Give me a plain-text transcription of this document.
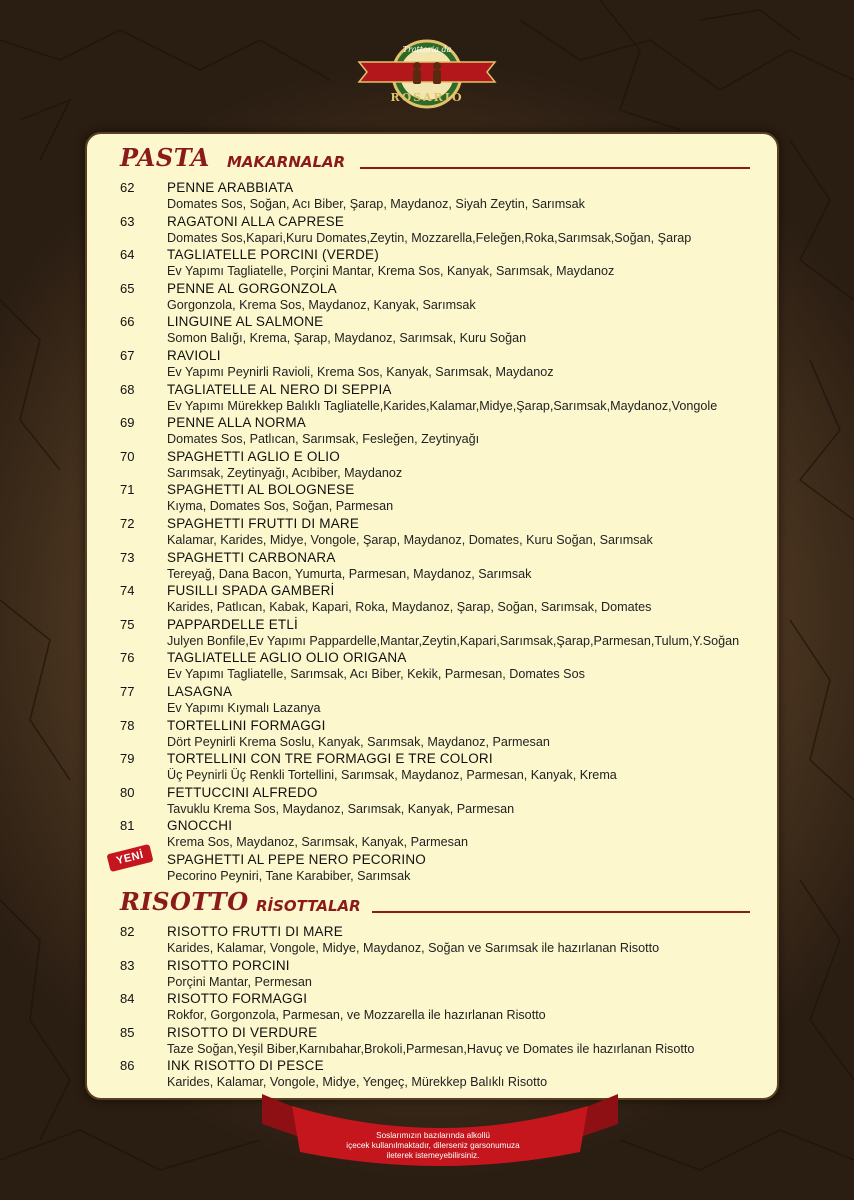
Trattoria da
ROSARIO
PASTA MAKARNALAR
62	PENNE ARABBIATA
Domates Sos, Soğan, Acı Biber, Şarap, Maydanoz, Siyah Zeytin, Sarımsak
63	RAGATONI ALLA CAPRESE
Domates Sos,Kapari,Kuru Domates,Zeytin, Mozzarella,Feleğen,Roka,Sarımsak,Soğan, Şarap
64	TAGLIATELLE PORCINI (VERDE)
Ev Yapımı Tagliatelle, Porçini Mantar, Krema Sos, Kanyak, Sarımsak, Maydanoz
65	PENNE AL GORGONZOLA
Gorgonzola, Krema Sos, Maydanoz, Kanyak, Sarımsak
66	LINGUINE AL SALMONE
Somon Balığı, Krema, Şarap, Maydanoz, Sarımsak, Kuru Soğan
67	RAVIOLI
Ev Yapımı Peynirli Ravioli, Krema Sos, Kanyak, Sarımsak, Maydanoz
68	TAGLIATELLE AL NERO DI SEPPIA
Ev Yapımı Mürekkep Balıklı Tagliatelle,Karides,Kalamar,Midye,Şarap,Sarımsak,Maydanoz,Vongole
69	PENNE ALLA NORMA
Domates Sos, Patlıcan, Sarımsak, Fesleğen, Zeytinyağı
70	SPAGHETTI AGLIO E OLIO
Sarımsak, Zeytinyağı, Acıbiber, Maydanoz
71	SPAGHETTI AL BOLOGNESE
Kıyma, Domates Sos, Soğan, Parmesan
72	SPAGHETTI FRUTTI DI MARE
Kalamar, Karides, Midye, Vongole, Şarap, Maydanoz, Domates, Kuru Soğan, Sarımsak
73	SPAGHETTI CARBONARA
Tereyağ, Dana Bacon, Yumurta, Parmesan, Maydanoz, Sarımsak
74	FUSILLI SPADA GAMBERİ
Karides, Patlıcan, Kabak, Kapari, Roka, Maydanoz, Şarap, Soğan, Sarımsak, Domates
75	PAPPARDELLE ETLİ
Julyen Bonfile,Ev Yapımı Pappardelle,Mantar,Zeytin,Kapari,Sarımsak,Şarap,Parmesan,Tulum,Y.Soğan
76	TAGLIATELLE AGLIO OLIO ORIGANA
Ev Yapımı Tagliatelle, Sarımsak, Acı Biber, Kekik, Parmesan, Domates Sos
77	LASAGNA
Ev Yapımı Kıymalı Lazanya
78	TORTELLINI FORMAGGI
Dört Peynirli Krema Soslu, Kanyak, Sarımsak, Maydanoz, Parmesan
79	TORTELLINI CON TRE FORMAGGI E TRE COLORI
Üç Peynirli Üç Renkli Tortellini, Sarımsak, Maydanoz, Parmesan, Kanyak, Krema
80	FETTUCCINI ALFREDO
Tavuklu Krema Sos, Maydanoz, Sarımsak, Kanyak, Parmesan
81	GNOCCHI
Krema Sos, Maydanoz, Sarımsak, Kanyak, Parmesan
YENİ	SPAGHETTI AL PEPE NERO PECORINO
Pecorino Peyniri, Tane Karabiber, Sarımsak
RISOTTO RİSOTTALAR
82	RISOTTO FRUTTI DI MARE
Karides, Kalamar, Vongole, Midye, Maydanoz, Soğan ve Sarımsak ile hazırlanan Risotto
83	RISOTTO PORCINI
Porçini Mantar, Permesan
84	RISOTTO FORMAGGI
Rokfor, Gorgonzola, Parmesan, ve Mozzarella ile hazırlanan Risotto
85	RISOTTO DI VERDURE
Taze Soğan,Yeşil Biber,Karnıbahar,Brokoli,Parmesan,Havuç ve Domates ile hazırlanan Risotto
86	INK RISOTTO DI PESCE
Karides, Kalamar, Vongole, Midye, Yengeç, Mürekkep Balıklı Risotto
Soslarımızın bazılarında alkollü
içecek kullanılmaktadır, dilerseniz garsonumuza
ileterek istemeyebilirsiniz.
